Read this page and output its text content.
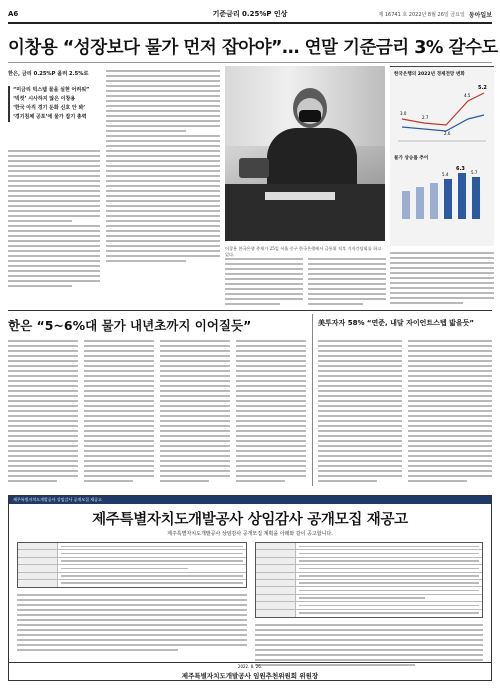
A6	기준금리 0.25%P 인상	제 16741 호 2022년 8월 26일 금요일 동아일보
이창용 “성장보다 물가 먼저 잡아야”… 연말 기준금리 3% 갈수도
한은, 금리 0.25%P 올려 2.5%로
“미금리 빅스텝 물을 실현 어려워”
‘빅컷’ 시사하지 않은 이창용
‘한국 아직 경기 둔화 신호 안 봐’
‘경기침체 공포’에 물가 잡기 총력
이창용 한국은행 총재가 25일 서울 중구 한국은행에서 금통위 직후 기자간담회를 하고 있다.
한국은행의 2022년 경제전망 변화
3.0
2.7
2.6
4.5
5.2
물가 상승률 추이
5.4
6.3
5.7
한은 “5~6%대 물가 내년초까지 이어질듯”	美투자자 58% “연준, 내달 자이언트스텝 밟을듯”
제주특별자치도개발공사 상임감사 공개모집 재공고
제주특별자치도개발공사 상임감사 공개모집 재공고
제주특별자치도개발공사 상임감사 공개모집 계획을 아래와 같이 공고합니다.
2022. 8. 26.
제주특별자치도개발공사 임원추천위원회 위원장
